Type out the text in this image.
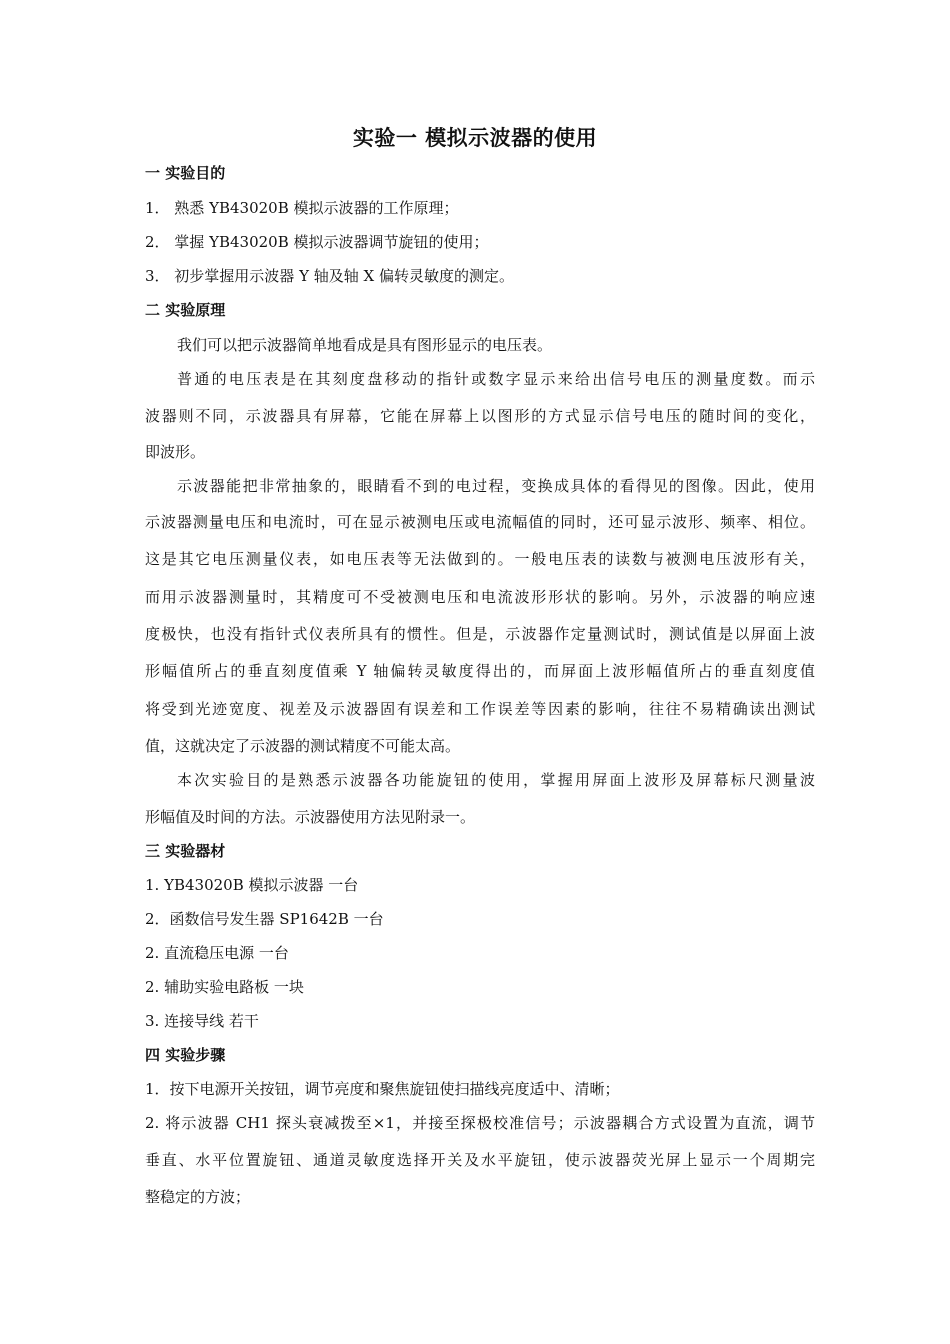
实验一 模拟示波器的使用
一 实验目的
1． 熟悉 YB43020B 模拟示波器的工作原理；
2． 掌握 YB43020B 模拟示波器调节旋钮的使用；
3． 初步掌握用示波器 Y 轴及轴 X 偏转灵敏度的测定。
二 实验原理
我们可以把示波器简单地看成是具有图形显示的电压表。
普通的电压表是在其刻度盘移动的指针或数字显示来给出信号电压的测量度数。而示
波器则不同，示波器具有屏幕，它能在屏幕上以图形的方式显示信号电压的随时间的变化，
即波形。
示波器能把非常抽象的，眼睛看不到的电过程，变换成具体的看得见的图像。因此，使用
示波器测量电压和电流时，可在显示被测电压或电流幅值的同时，还可显示波形、频率、相位。
这是其它电压测量仪表，如电压表等无法做到的。一般电压表的读数与被测电压波形有关，
而用示波器测量时，其精度可不受被测电压和电流波形形状的影响。另外，示波器的响应速
度极快，也没有指针式仪表所具有的惯性。但是，示波器作定量测试时，测试值是以屏面上波
形幅值所占的垂直刻度值乘 Y 轴偏转灵敏度得出的，而屏面上波形幅值所占的垂直刻度值
将受到光迹宽度、视差及示波器固有误差和工作误差等因素的影响，往往不易精确读出测试
值，这就决定了示波器的测试精度不可能太高。
本次实验目的是熟悉示波器各功能旋钮的使用，掌握用屏面上波形及屏幕标尺测量波
形幅值及时间的方法。示波器使用方法见附录一。
三 实验器材
1. YB43020B 模拟示波器 一台
2．函数信号发生器 SP1642B 一台
2. 直流稳压电源 一台
2. 辅助实验电路板 一块
3. 连接导线 若干
四 实验步骤
1．按下电源开关按钮，调节亮度和聚焦旋钮使扫描线亮度适中、清晰；
2. 将示波器 CH1 探头衰减拨至×1，并接至探极校准信号；示波器耦合方式设置为直流，调节
垂直、水平位置旋钮、通道灵敏度选择开关及水平旋钮，使示波器荧光屏上显示一个周期完
整稳定的方波；
